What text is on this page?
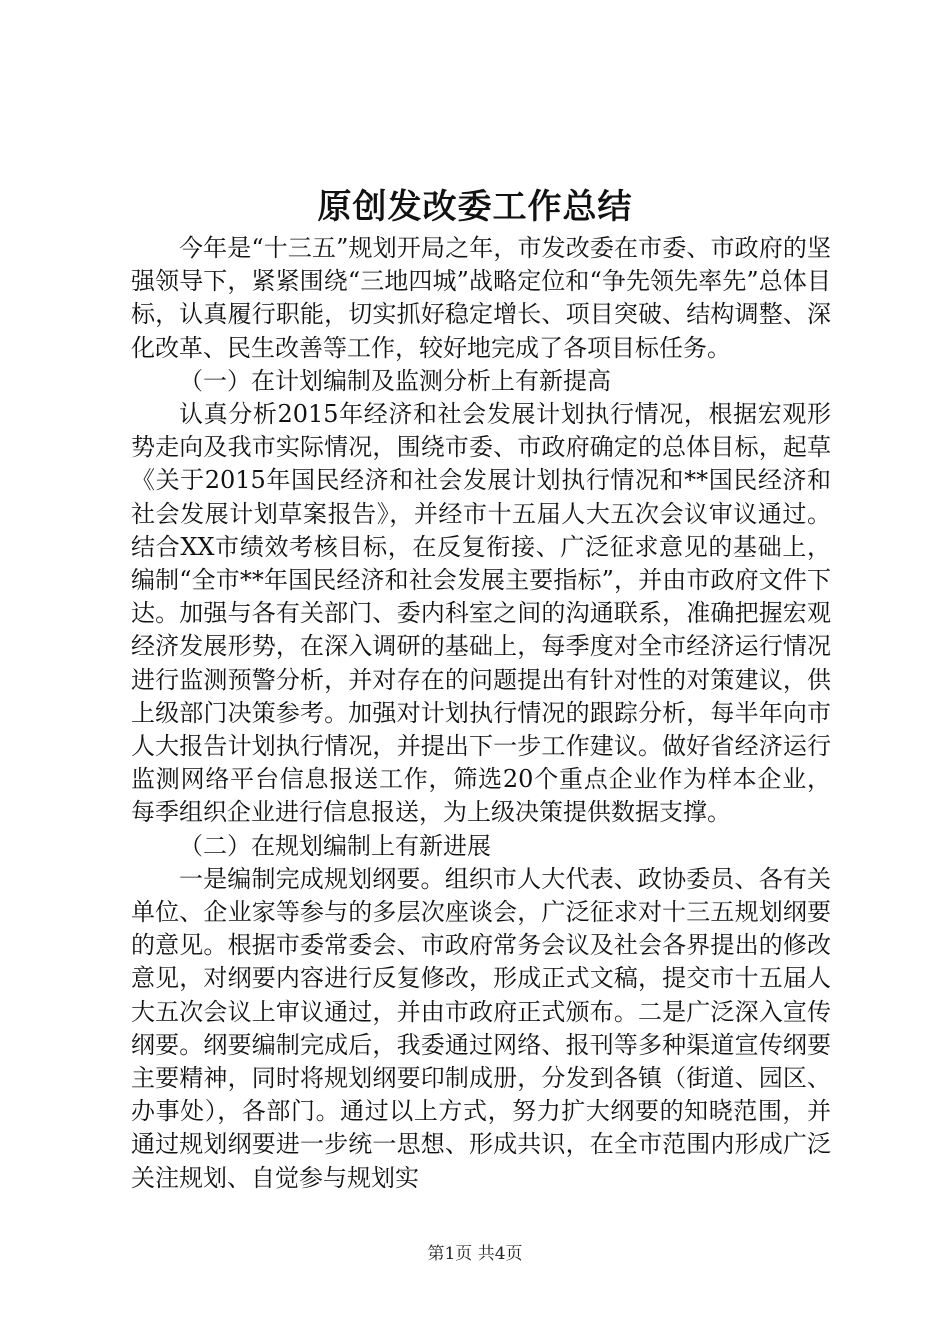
原创发改委工作总结

今年是“十三五”规划开局之年，市发改委在市委、市政府的坚强领导下，紧紧围绕“三地四城”战略定位和“争先领先率先”总体目标，认真履行职能，切实抓好稳定增长、项目突破、结构调整、深化改革、民生改善等工作，较好地完成了各项目标任务。

（一）在计划编制及监测分析上有新提高

认真分析2015年经济和社会发展计划执行情况，根据宏观形势走向及我市实际情况，围绕市委、市政府确定的总体目标，起草《关于2015年国民经济和社会发展计划执行情况和**国民经济和社会发展计划草案报告》，并经市十五届人大五次会议审议通过。结合XX市绩效考核目标，在反复衔接、广泛征求意见的基础上，编制“全市**年国民经济和社会发展主要指标”，并由市政府文件下达。加强与各有关部门、委内科室之间的沟通联系，准确把握宏观经济发展形势，在深入调研的基础上，每季度对全市经济运行情况进行监测预警分析，并对存在的问题提出有针对性的对策建议，供上级部门决策参考。加强对计划执行情况的跟踪分析，每半年向市人大报告计划执行情况，并提出下一步工作建议。做好省经济运行监测网络平台信息报送工作，筛选20个重点企业作为样本企业，每季组织企业进行信息报送，为上级决策提供数据支撑。

（二）在规划编制上有新进展

一是编制完成规划纲要。组织市人大代表、政协委员、各有关单位、企业家等参与的多层次座谈会，广泛征求对十三五规划纲要的意见。根据市委常委会、市政府常务会议及社会各界提出的修改意见，对纲要内容进行反复修改，形成正式文稿，提交市十五届人大五次会议上审议通过，并由市政府正式颁布。二是广泛深入宣传纲要。纲要编制完成后，我委通过网络、报刊等多种渠道宣传纲要主要精神，同时将规划纲要印制成册，分发到各镇（街道、园区、办事处），各部门。通过以上方式，努力扩大纲要的知晓范围，并通过规划纲要进一步统一思想、形成共识，在全市范围内形成广泛关注规划、自觉参与规划实

第1页 共4页
